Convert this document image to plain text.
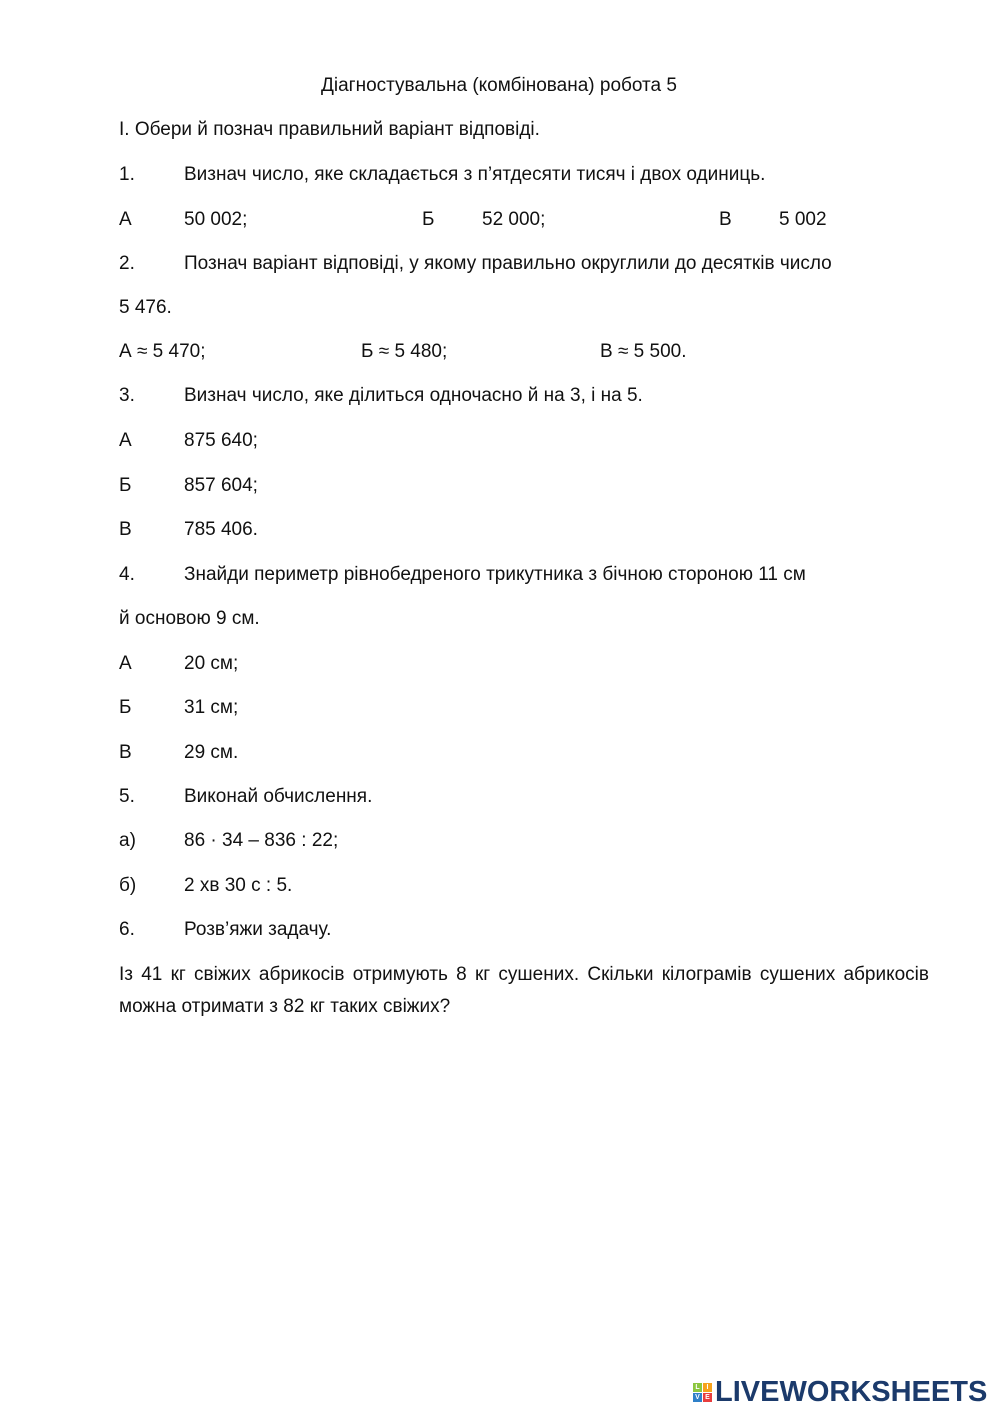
Діагностувальна (комбінована) робота 5
І. Обери й познач правильний варіант відповіді.
1.	Визнач число, яке складається з п’ятдесяти тисяч і двох одиниць.
А	50 002;	Б	52 000;	В 5 002
2.	Познач варіант відповіді, у якому правильно округлили до десятків число
5 476.
А ≈ 5 470;	Б ≈ 5 480;	В ≈ 5 500.
3.	Визнач число, яке ділиться одночасно й на 3, і на 5.
А	875 640;
Б	857 604;
В	785 406.
4.	Знайди периметр рівнобедреного трикутника з бічною стороною 11 см
й основою 9 см.
А	20 см;
Б	31 см;
В	29 см.
5.	Виконай обчислення.
а)	86 · 34 – 836 : 22;
б)	2 хв 30 с : 5.
6.	Розв’яжи задачу.
Із 41 кг свіжих абрикосів отримують 8 кг сушених. Скільки кілограмів сушених абрикосів можна отримати з 82 кг таких свіжих?
L I
V E LIVEWORKSHEETS
